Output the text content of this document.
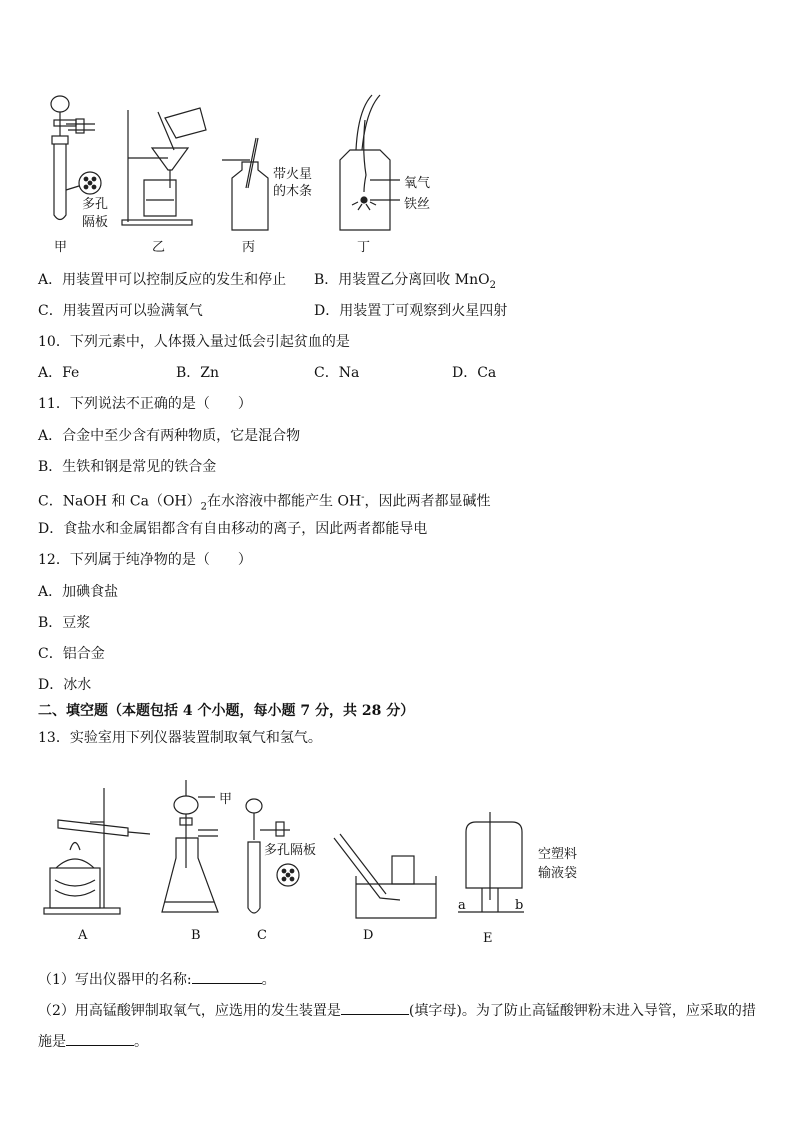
多孔
隔板
带火星
的木条
氧气
铁丝
甲	乙	丙	丁
A．用装置甲可以控制反应的发生和停止 B．用装置乙分离回收 MnO$_2$
C．用装置丙可以验满氧气	D．用装置丁可观察到火星四射
10．下列元素中，人体摄入量过低会引起贫血的是
A．Fe	B．Zn	C．Na	D．Ca
11．下列说法不正确的是（　　）
A．合金中至少含有两种物质，它是混合物
B．生铁和钢是常见的铁合金
C．NaOH 和 $Ca(OH)_2$在水溶液中都能产生 OH-，因此两者都显碱性
D．食盐水和金属铝都含有自由移动的离子，因此两者都能导电
12．下列属于纯净物的是（　　）
A．加碘食盐
B．豆浆
C．铝合金
D．冰水
二、填空题（本题包括 4 个小题，每小题 7 分，共 28 分）
13．实验室用下列仪器装置制取氧气和氢气。
甲
多孔隔板	空塑料
输液袋
a	b
A	B	C	D	E
（1）写出仪器甲的名称:	。
（2）用高锰酸钾制取氧气，应选用的发生装置是	(填字母)。为了防止高锰酸钾粉末进入导管，应采取的措
施是	。
